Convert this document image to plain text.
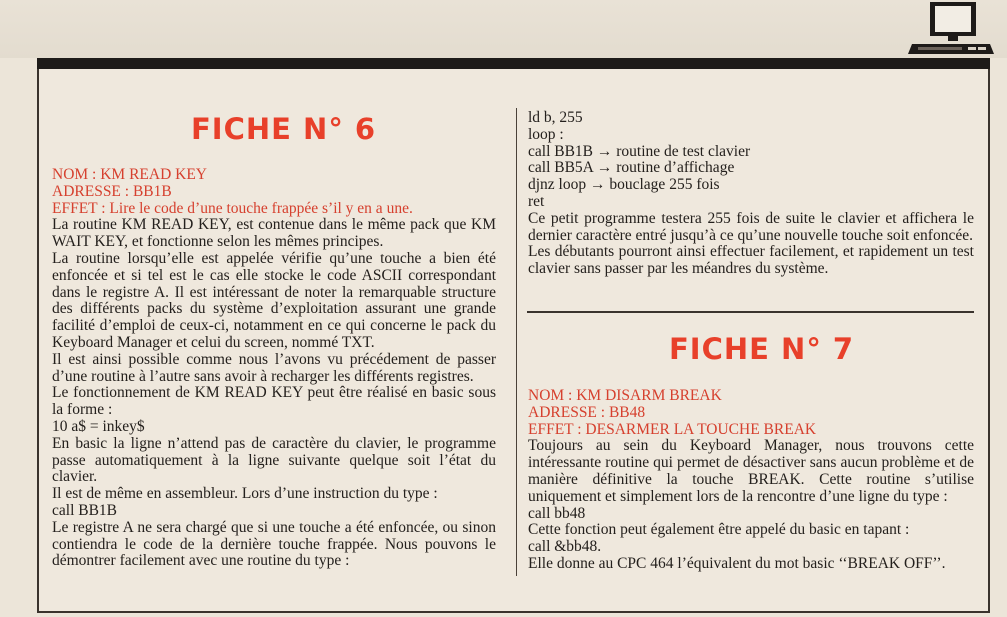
FICHE N° 6

NOM : KM READ KEY

ADRESSE : BB1B

EFFET : Lire le code d’une touche frappée s’il y en a une.

La routine KM READ KEY, est contenue dans le même pack que KM WAIT KEY, et fonctionne selon les mêmes principes.

La routine lorsqu’elle est appelée vérifie qu’une touche a bien été enfoncée et si tel est le cas elle stocke le code ASCII correspondant dans le registre A. Il est intéressant de noter la remarquable structure des différents packs du système d’exploitation assurant une grande facilité d’emploi de ceux-ci, notamment en ce qui concerne le pack du Keyboard Manager et celui du screen, nommé TXT.

Il est ainsi possible comme nous l’avons vu précédement de passer d’une routine à l’autre sans avoir à recharger les différents registres.

Le fonctionnement de KM READ KEY peut être réalisé en basic sous la forme :

10 a$ = inkey$

En basic la ligne n’attend pas de caractère du clavier, le programme passe automatiquement à la ligne suivante quelque soit l’état du clavier.

Il est de même en assembleur. Lors d’une instruction du type :

call BB1B

Le registre A ne sera chargé que si une touche a été enfoncée, ou sinon contiendra le code de la dernière touche frappée. Nous pouvons le démontrer facilement avec une routine du type :

ld b, 255

loop :

call BB1B → routine de test clavier

call BB5A → routine d’affichage

djnz loop → bouclage 255 fois

ret

Ce petit programme testera 255 fois de suite le clavier et affichera le dernier caractère entré jusqu’à ce qu’une nouvelle touche soit enfoncée.

Les débutants pourront ainsi effectuer facilement, et rapidement un test clavier sans passer par les méandres du système.

FICHE N° 7

NOM : KM DISARM BREAK

ADRESSE : BB48

EFFET : DESARMER LA TOUCHE BREAK

Toujours au sein du Keyboard Manager, nous trouvons cette intéressante routine qui permet de désactiver sans aucun problème et de manière définitive la touche BREAK. Cette routine s’utilise uniquement et simplement lors de la rencontre d’une ligne du type :

call bb48

Cette fonction peut également être appelé du basic en tapant :

call &bb48.

Elle donne au CPC 464 l’équivalent du mot basic ‘‘BREAK OFF’’.
